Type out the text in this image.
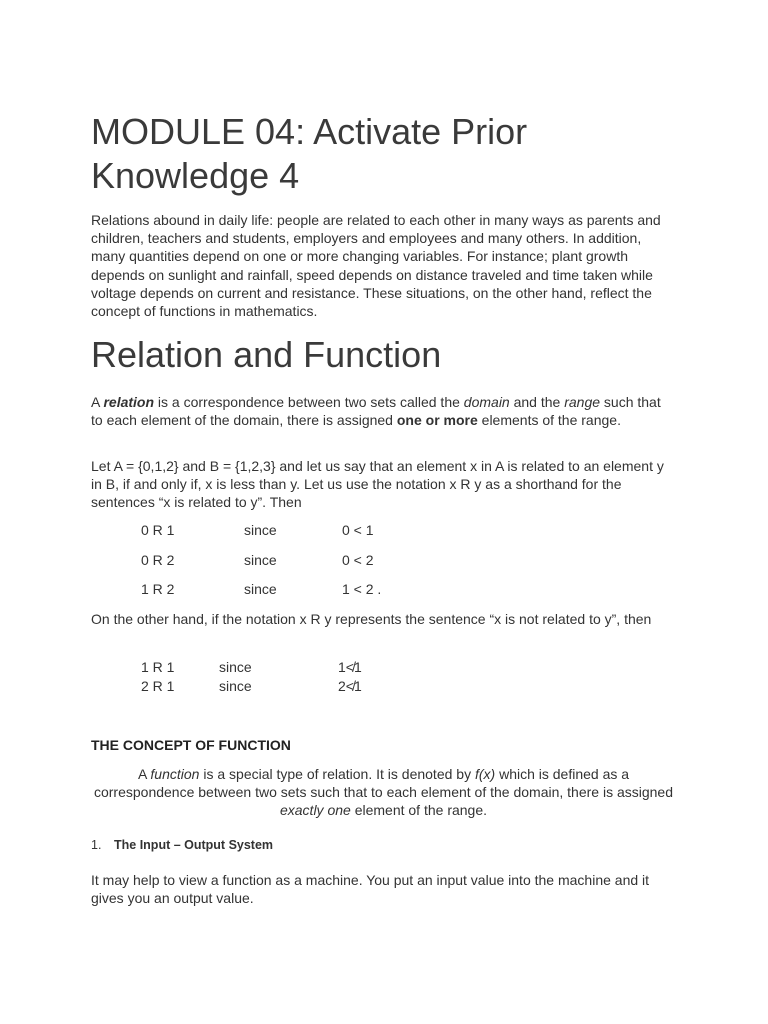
MODULE 04: Activate Prior Knowledge 4

Relations abound in daily life: people are related to each other in many ways as parents and children, teachers and students, employers and employees and many others. In addition, many quantities depend on one or more changing variables. For instance; plant growth depends on sunlight and rainfall, speed depends on distance traveled and time taken while voltage depends on current and resistance. These situations, on the other hand, reflect the concept of functions in mathematics.

Relation and Function

A relation is a correspondence between two sets called the domain and the range such that to each element of the domain, there is assigned one or more elements of the range.

Let A = {0,1,2} and B = {1,2,3} and let us say that an element x in A is related to an element y in B, if and only if, x is less than y. Let us use the notation x R y as a shorthand for the sentences “x is related to y”. Then

0 R 1	since	0 < 1
0 R 2	since	0 < 2
1 R 2	since	1 < 2 .

On the other hand, if the notation x R y represents the sentence “x is not related to y”, then

1 R 1	since	1≮1
2 R 1	since	2≮1
THE CONCEPT OF FUNCTION

A function is a special type of relation. It is denoted by f(x) which is defined as a correspondence between two sets such that to each element of the domain, there is assigned exactly one element of the range.

1. The Input – Output System

It may help to view a function as a machine. You put an input value into the machine and it gives you an output value.
